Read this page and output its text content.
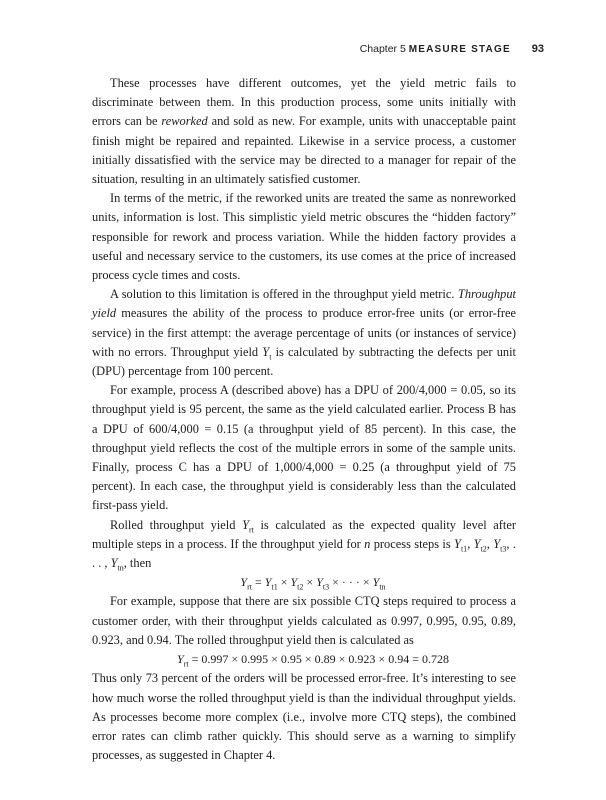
Chapter 5 MEASURE STAGE 93

These processes have different outcomes, yet the yield metric fails to discriminate between them. In this production process, some units initially with errors can be reworked and sold as new. For example, units with unacceptable paint finish might be repaired and repainted. Likewise in a service process, a customer initially dissatisfied with the service may be directed to a manager for repair of the situation, resulting in an ultimately satisfied customer.

In terms of the metric, if the reworked units are treated the same as nonreworked units, information is lost. This simplistic yield metric obscures the “hidden factory” responsible for rework and process variation. While the hidden factory provides a useful and necessary service to the customers, its use comes at the price of increased process cycle times and costs.

A solution to this limitation is offered in the throughput yield metric. Throughput yield measures the ability of the process to produce error-free units (or error-free service) in the first attempt: the average percentage of units (or instances of service) with no errors. Throughput yield $Y_t$ is calculated by subtracting the defects per unit (DPU) percentage from 100 percent.

For example, process A (described above) has a DPU of 200/4,000 = 0.05, so its throughput yield is 95 percent, the same as the yield calculated earlier. Process B has a DPU of 600/4,000 = 0.15 (a throughput yield of 85 percent). In this case, the throughput yield reflects the cost of the multiple errors in some of the sample units. Finally, process C has a DPU of 1,000/4,000 = 0.25 (a throughput yield of 75 percent). In each case, the throughput yield is considerably less than the calculated first-pass yield.

Rolled throughput yield $Y_{rt}$ is calculated as the expected quality level after multiple steps in a process. If the throughput yield for n process steps is $Y_{t1}$, $Y_{t2}$, $Y_{t3}$, . . . , $Y_{tn}$, then

$Y_{rt} = Y_{t1} \times Y_{t2} \times Y_{t3}$ × · · · × $Y_{tn}$

For example, suppose that there are six possible CTQ steps required to process a customer order, with their throughput yields calculated as 0.997, 0.995, 0.95, 0.89, 0.923, and 0.94. The rolled throughput yield then is calculated as

$Y_{rt} = 0.997 \times 0.995 \times 0.95 \times 0.89 \times 0.923 \times 0.94 = 0.728$

Thus only 73 percent of the orders will be processed error-free. It’s interesting to see how much worse the rolled throughput yield is than the individual throughput yields. As processes become more complex (i.e., involve more CTQ steps), the combined error rates can climb rather quickly. This should serve as a warning to simplify processes, as suggested in Chapter 4.
